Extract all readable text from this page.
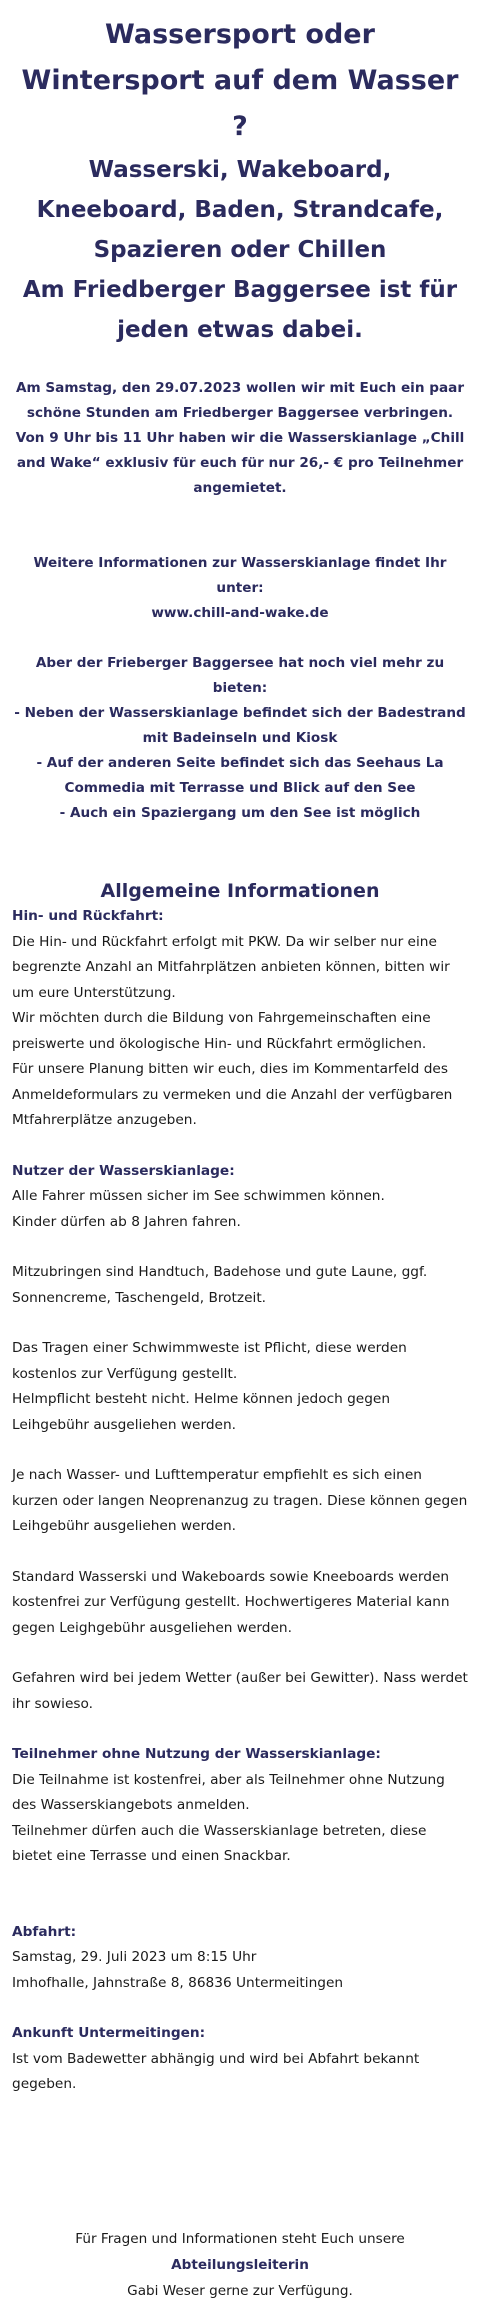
Wassersport oder Wintersport auf dem Wasser ?
Wasserski, Wakeboard, Kneeboard, Baden, Strandcafe, Spazieren oder Chillen
Am Friedberger Baggersee ist für jeden etwas dabei.

Am Samstag, den 29.07.2023 wollen wir mit Euch ein paar schöne Stunden am Friedberger Baggersee verbringen.

Von 9 Uhr bis 11 Uhr haben wir die Wasserskianlage „Chill and Wake“ exklusiv für euch für nur 26,- € pro Teilnehmer angemietet.

Weitere Informationen zur Wasserskianlage findet Ihr unter:

www.chill-and-wake.de

Aber der Frieberger Baggersee hat noch viel mehr zu bieten:

- Neben der Wasserskianlage befindet sich der Badestrand mit Badeinseln und Kiosk

- Auf der anderen Seite befindet sich das Seehaus La Commedia mit Terrasse und Blick auf den See

- Auch ein Spaziergang um den See ist möglich

Allgemeine Informationen

Hin- und Rückfahrt:

Die Hin- und Rückfahrt erfolgt mit PKW. Da wir selber nur eine begrenzte Anzahl an Mitfahrplätzen anbieten können, bitten wir um eure Unterstützung.

Wir möchten durch die Bildung von Fahrgemeinschaften eine preiswerte und ökologische Hin- und Rückfahrt ermöglichen.

Für unsere Planung bitten wir euch, dies im Kommentarfeld des Anmeldeformulars zu vermeken und die Anzahl der verfügbaren Mtfahrerplätze anzugeben.

Nutzer der Wasserskianlage:

Alle Fahrer müssen sicher im See schwimmen können.

Kinder dürfen ab 8 Jahren fahren.

Mitzubringen sind Handtuch, Badehose und gute Laune, ggf. Sonnencreme, Taschengeld, Brotzeit.

Das Tragen einer Schwimmweste ist Pflicht, diese werden kostenlos zur Verfügung gestellt.

Helmpflicht besteht nicht. Helme können jedoch gegen Leihgebühr ausgeliehen werden.

Je nach Wasser- und Lufttemperatur empfiehlt es sich einen kurzen oder langen Neoprenanzug zu tragen. Diese können gegen Leihgebühr ausgeliehen werden.

Standard Wasserski und Wakeboards sowie Kneeboards werden kostenfrei zur Verfügung gestellt. Hochwertigeres Material kann gegen Leighgebühr ausgeliehen werden.

Gefahren wird bei jedem Wetter (außer bei Gewitter). Nass werdet ihr sowieso.

Teilnehmer ohne Nutzung der Wasserskianlage:

Die Teilnahme ist kostenfrei, aber als Teilnehmer ohne Nutzung des Wasserskiangebots anmelden.

Teilnehmer dürfen auch die Wasserskianlage betreten, diese bietet eine Terrasse und einen Snackbar.

Abfahrt:

Samstag, 29. Juli 2023 um 8:15 Uhr

Imhofhalle, Jahnstraße 8, 86836 Untermeitingen

Ankunft Untermeitingen:

Ist vom Badewetter abhängig und wird bei Abfahrt bekannt gegeben.

Für Fragen und Informationen steht Euch unsere Abteilungsleiterin
Gabi Weser gerne zur Verfügung.
